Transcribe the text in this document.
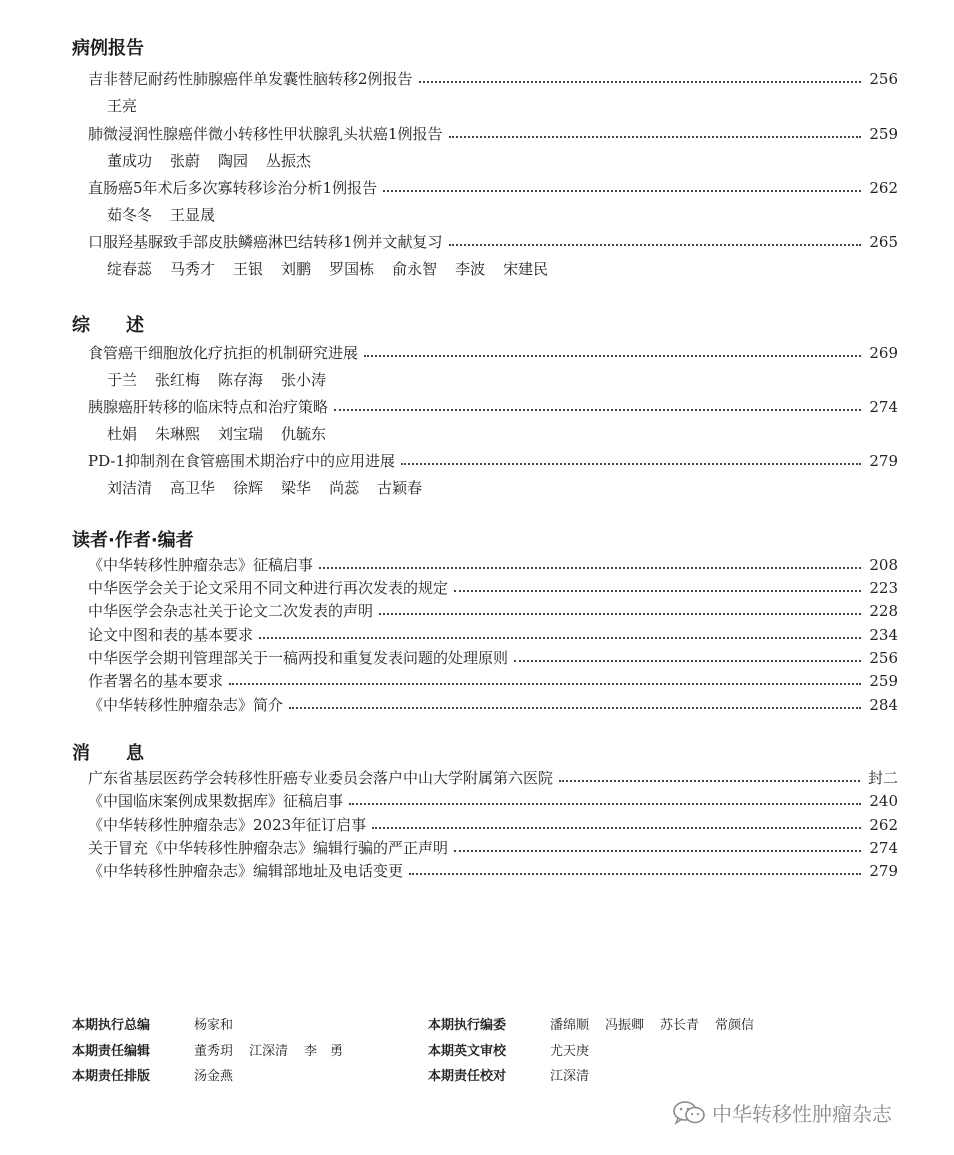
病例报告
吉非替尼耐药性肺腺癌伴单发囊性脑转移2例报告	256
王亮
肺微浸润性腺癌伴微小转移性甲状腺乳头状癌1例报告	259
董成功 张蔚 陶园 丛振杰
直肠癌5年术后多次寡转移诊治分析1例报告	262
茹冬冬 王显晟
口服羟基脲致手部皮肤鳞癌淋巴结转移1例并文献复习	265
绽春蕊 马秀才 王银 刘鹏 罗国栋 俞永智 李波 宋建民
综　　述
食管癌干细胞放化疗抗拒的机制研究进展	269
于兰 张红梅 陈存海 张小涛
胰腺癌肝转移的临床特点和治疗策略	274
杜娟 朱琳熙 刘宝瑞 仇毓东
PD-1抑制剂在食管癌围术期治疗中的应用进展	279
刘洁清 高卫华 徐辉 梁华 尚蕊 古颖春
读者·作者·编者
《中华转移性肿瘤杂志》征稿启事	208
中华医学会关于论文采用不同文种进行再次发表的规定	223
中华医学会杂志社关于论文二次发表的声明	228
论文中图和表的基本要求	234
中华医学会期刊管理部关于一稿两投和重复发表问题的处理原则	256
作者署名的基本要求	259
《中华转移性肿瘤杂志》简介	284
消　　息
广东省基层医药学会转移性肝癌专业委员会落户中山大学附属第六医院	封二
《中国临床案例成果数据库》征稿启事	240
《中华转移性肿瘤杂志》2023年征订启事	262
关于冒充《中华转移性肿瘤杂志》编辑行骗的严正声明	274
《中华转移性肿瘤杂志》编辑部地址及电话变更	279
本期执行总编	杨家和
本期责任编辑	董秀玥 江深清 李　勇
本期责任排版	汤金燕
本期执行编委	潘绵顺 冯振卿 苏长青 常颜信
本期英文审校	尤天庚
本期责任校对	江深清
中华转移性肿瘤杂志
